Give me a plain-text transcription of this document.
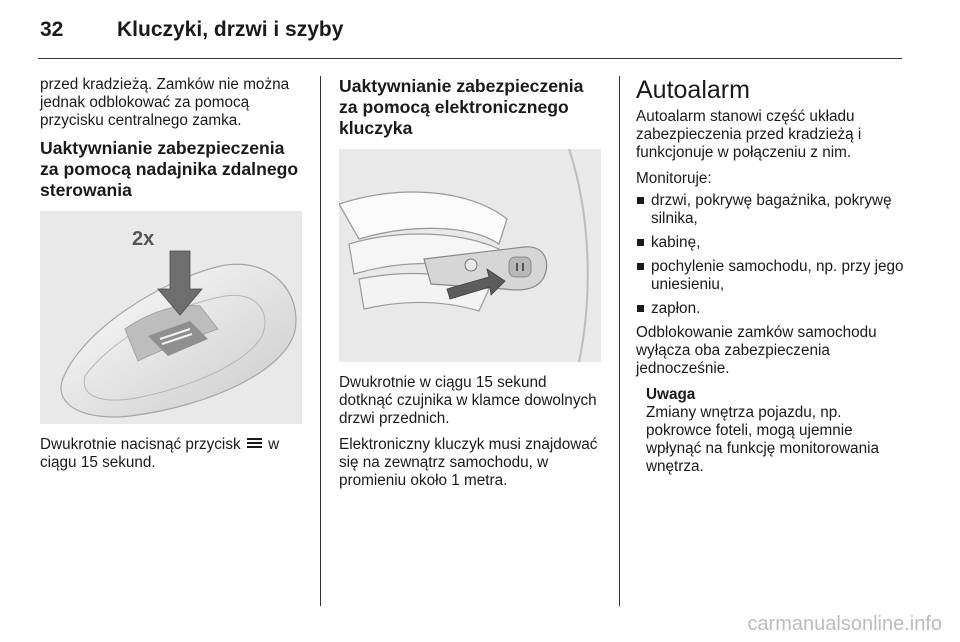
32	Kluczyki, drzwi i szyby

przed kradzieżą. Zamków nie można jednak odblokować za pomocą przycisku centralnego zamka.

Uaktywnianie zabezpieczenia za pomocą nadajnika zdalnego sterowania
2x

Dwukrotnie nacisnąć przycisk w ciągu 15 sekund.

Uaktywnianie zabezpieczenia za pomocą elektronicznego kluczyka

Dwukrotnie w ciągu 15 sekund dotknąć czujnika w klamce dowolnych drzwi przednich.

Elektroniczny kluczyk musi znajdować się na zewnątrz samochodu, w promieniu około 1 metra.

Autoalarm

Autoalarm stanowi część układu zabezpieczenia przed kradzieżą i funkcjonuje w połączeniu z nim.

Monitoruje:

drzwi, pokrywę bagażnika, pokrywę silnika,
kabinę,
pochylenie samochodu, np. przy jego uniesieniu,
zapłon.

Odblokowanie zamków samochodu wyłącza oba zabezpieczenia jednocześnie.

Uwaga

Zmiany wnętrza pojazdu, np. pokrowce foteli, mogą ujemnie wpłynąć na funkcję monitorowania wnętrza.

carmanualsonline.info
